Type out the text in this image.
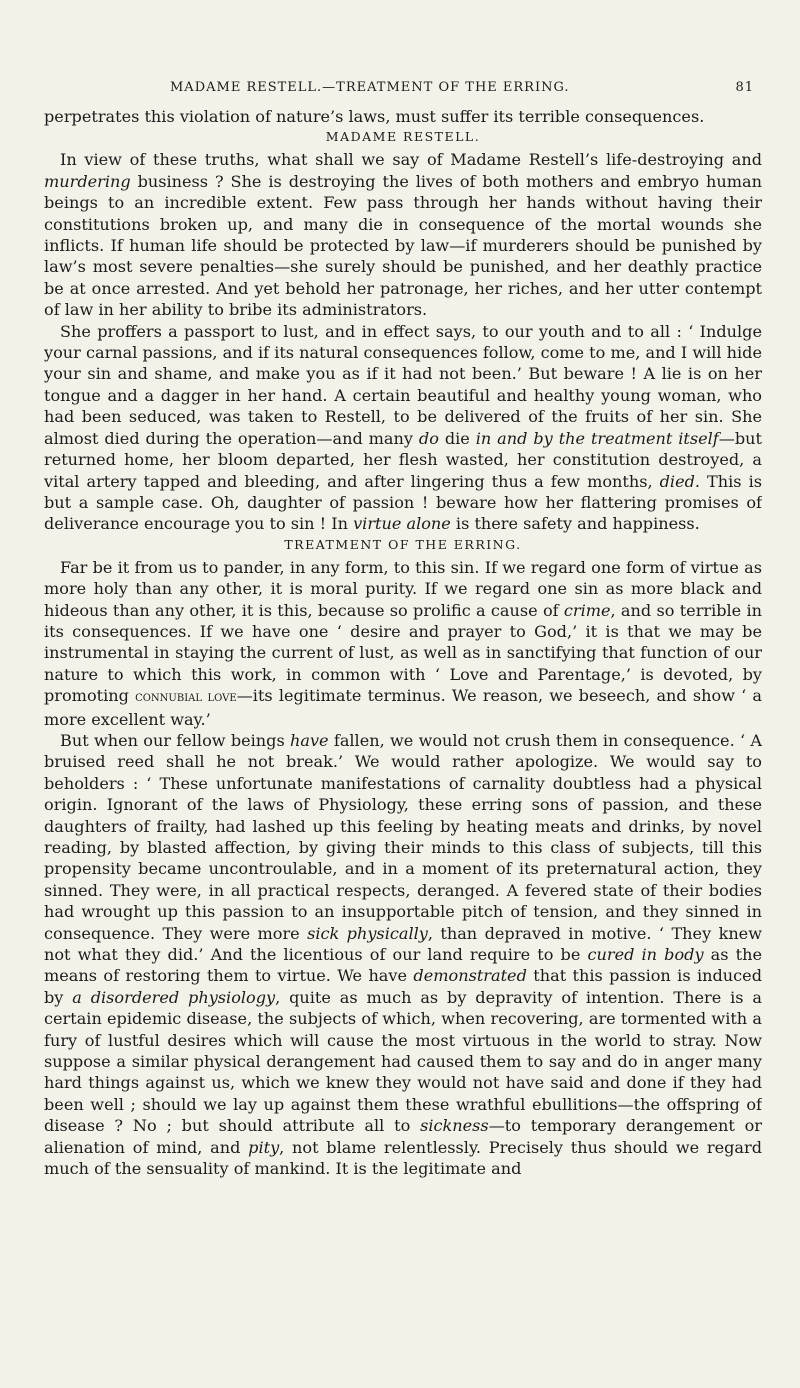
MADAME RESTELL.—TREATMENT OF THE ERRING.	81

perpetrates this violation of nature’s laws, must suffer its terrible consequences.

MADAME RESTELL.

In view of these truths, what shall we say of Madame Restell’s life-destroying and murdering business ? She is destroying the lives of both mothers and embryo human beings to an incredible extent. Few pass through her hands without having their constitutions broken up, and many die in consequence of the mortal wounds she inflicts. If human life should be protected by law—if murderers should be punished by law’s most severe penalties—she surely should be punished, and her deathly practice be at once arrested. And yet behold her patronage, her riches, and her utter contempt of law in her ability to bribe its administrators.

She proffers a passport to lust, and in effect says, to our youth and to all : ‘ Indulge your carnal passions, and if its natural consequences follow, come to me, and I will hide your sin and shame, and make you as if it had not been.’ But beware ! A lie is on her tongue and a dagger in her hand. A certain beautiful and healthy young woman, who had been seduced, was taken to Restell, to be delivered of the fruits of her sin. She almost died during the operation—and many do die in and by the treatment itself—but returned home, her bloom departed, her flesh wasted, her constitution destroyed, a vital artery tapped and bleeding, and after lingering thus a few months, died. This is but a sample case. Oh, daughter of passion ! beware how her flattering promises of deliverance encourage you to sin ! In virtue alone is there safety and happiness.

TREATMENT OF THE ERRING.

Far be it from us to pander, in any form, to this sin. If we regard one form of virtue as more holy than any other, it is moral purity. If we regard one sin as more black and hideous than any other, it is this, because so prolific a cause of crime, and so terrible in its consequences. If we have one ‘ desire and prayer to God,’ it is that we may be instrumental in staying the current of lust, as well as in sanctifying that function of our nature to which this work, in common with ‘ Love and Parentage,’ is devoted, by promoting connubial love—its legitimate terminus. We reason, we beseech, and show ‘ a more excellent way.’

But when our fellow beings have fallen, we would not crush them in consequence. ‘ A bruised reed shall he not break.’ We would rather apologize. We would say to beholders : ‘ These unfortunate manifestations of carnality doubtless had a physical origin. Ignorant of the laws of Physiology, these erring sons of passion, and these daughters of frailty, had lashed up this feeling by heating meats and drinks, by novel reading, by blasted affection, by giving their minds to this class of subjects, till this propensity became uncontroulable, and in a moment of its preternatural action, they sinned. They were, in all practical respects, deranged. A fevered state of their bodies had wrought up this passion to an insupportable pitch of tension, and they sinned in consequence. They were more sick physically, than depraved in motive. ‘ They knew not what they did.’ And the licentious of our land require to be cured in body as the means of restoring them to virtue. We have demonstrated that this passion is induced by a disordered physiology, quite as much as by depravity of intention. There is a certain epidemic disease, the subjects of which, when recovering, are tormented with a fury of lustful desires which will cause the most virtuous in the world to stray. Now suppose a similar physical derangement had caused them to say and do in anger many hard things against us, which we knew they would not have said and done if they had been well ; should we lay up against them these wrathful ebullitions—the offspring of disease ? No ; but should attribute all to sickness—to temporary derangement or alienation of mind, and pity, not blame relentlessly. Precisely thus should we regard much of the sensuality of mankind. It is the legitimate and
